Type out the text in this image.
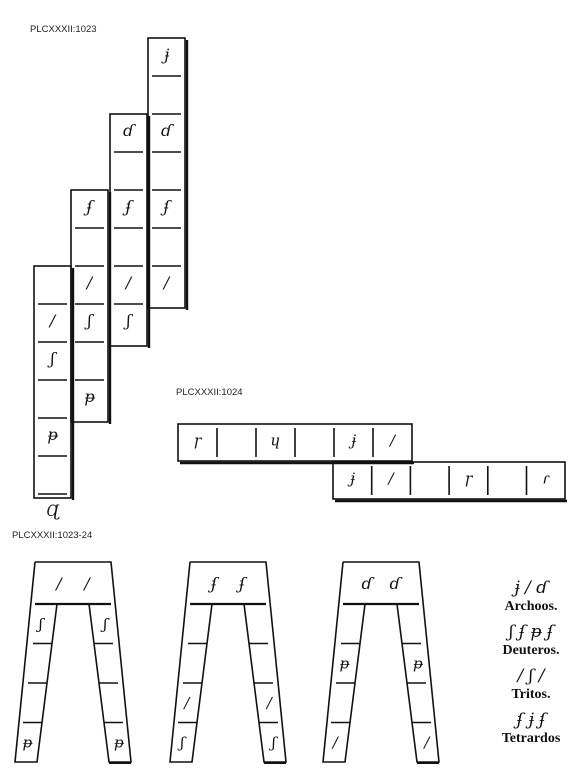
PLCXXXII:1023
PLCXXXII:1024
PLCXXXII:1023-24
/
ʃ
ᵽ
Ɋ
ʄ
/
ʃ
ᵽ
ɗ
ʄ
/
ʃ
ɉ
ɗ
ʄ
/
ɼ	ɥ	ɉ /
ɉ /	ɼ	ɾ
/ /
ʃ	ʃ
ᵽ	ᵽ
ʄ ʄ
/	/
ʃ	ʃ
ɗ ɗ
ᵽ	ᵽ
/	/
ɉ / ɗ
Archoos.
ʃ ʄ ᵽ ʄ
Deuteros.
/ ʃ /
Tritos.
ʄ ɉ ʄ
Tetrardos
